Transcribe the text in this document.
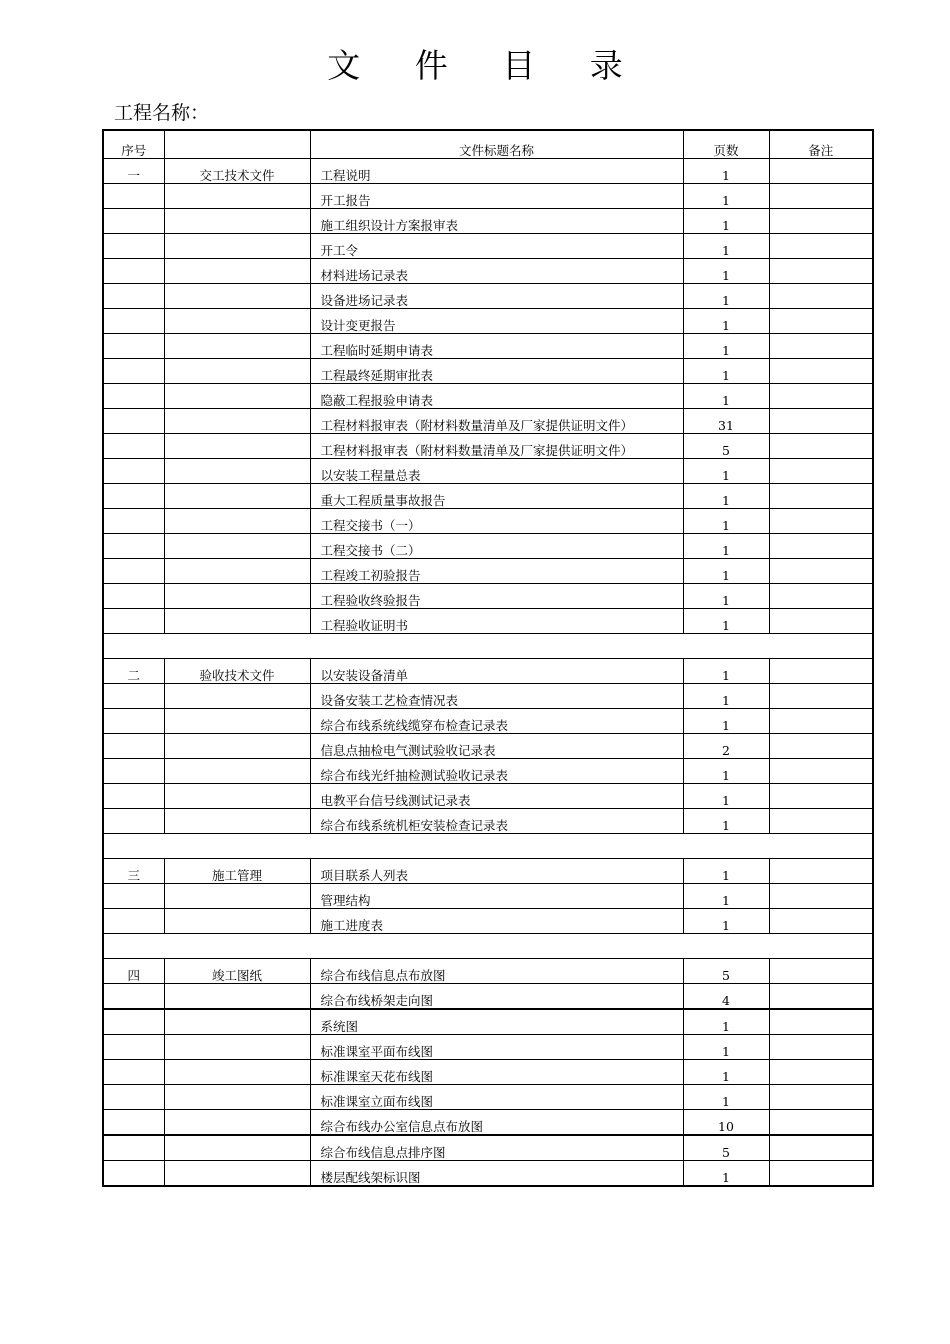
文 件 目 录
工程名称：
序号		文件标题名称	页数	备注
一	交工技术文件	工程说明	1	
		开工报告	1	
		施工组织设计方案报审表	1	
		开工令	1	
		材料进场记录表	1	
		设备进场记录表	1	
		设计变更报告	1	
		工程临时延期申请表	1	
		工程最终延期审批表	1	
		隐蔽工程报验申请表	1	
		工程材料报审表（附材料数量清单及厂家提供证明文件）	31	
		工程材料报审表（附材料数量清单及厂家提供证明文件）	5	
		以安装工程量总表	1	
		重大工程质量事故报告	1	
		工程交接书（一）	1	
		工程交接书（二）	1	
		工程竣工初验报告	1	
		工程验收终验报告	1	
		工程验收证明书	1	

二	验收技术文件	以安装设备清单	1	
		设备安装工艺检查情况表	1	
		综合布线系统线缆穿布检查记录表	1	
		信息点抽检电气测试验收记录表	2	
		综合布线光纤抽检测试验收记录表	1	
		电教平台信号线测试记录表	1	
		综合布线系统机柜安装检查记录表	1	

三	施工管理	项目联系人列表	1	
		管理结构	1	
		施工进度表	1	

四	竣工图纸	综合布线信息点布放图	5	
		综合布线桥架走向图	4	
		系统图	1	
		标准课室平面布线图	1	
		标准课室天花布线图	1	
		标准课室立面布线图	1	
		综合布线办公室信息点布放图	10	
		综合布线信息点排序图	5	
		楼层配线架标识图	1	
